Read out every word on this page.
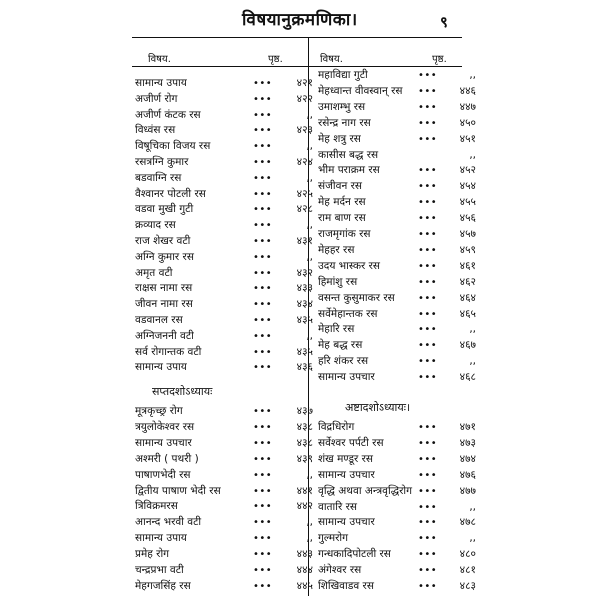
विषयानुक्रमणिका।	९
विषय.	पृष्ठ.	विषय.	पृष्ठ.
सामान्य उपाय	•••	४२१
अजीर्ण रोग	•••	४२२
अजीर्ण कंटक रस	•••	,,
विध्वंस रस	•••	४२३
विषूचिका विजय रस	•••	,,
रसत्रग्नि कुमार	•••	४२४
बडवाग्नि रस	•••	,,
वैश्वानर पोटली रस	•••	४२५
वडवा मुखी गुटी	•••	४२८
क्रव्याद रस	•••	,,
राज शेखर वटी	•••	४३१
अग्नि कुमार रस	•••	,,
अमृत वटी	•••	४३२
राक्षस नामा रस	•••	४३३
जीवन नामा रस	•••	४३४
वडवानल रस	•••	४३५
अग्निजननी वटी	•••	,,
सर्व रोगान्तक वटी	•••	४३५
सामान्य उपाय	•••	४३६
मूत्रकृच्छ्र रोग	•••	४३७
त्रयुलोकेश्वर रस	•••	४३८
सामान्य उपचार	•••	४३८
अश्मरी ( पथरी )	•••	४३९
पाषाणभेदी रस	•••	,,
द्वितीय पाषाण भेदी रस	•••	४४१
त्रिविक्रमरस	•••	४४२
आनन्द भरवी वटी	•••	,,
सामान्य उपाय	•••	,,
प्रमेह रोग	•••	४४३
चन्द्रप्रभा वटी	•••	४४४
मेहगजसिंह रस	•••	४४५
महाविद्या गुटी	•••	,,
मेहध्वान्त वीवस्वान् रस •••	४४६
उमाशम्भु रस	•••	४४७
रसेन्द्र नाग रस	•••	४५०
मेह शत्रु रस	•••	४५१
कासीस बद्ध रस	,,
भीम पराक्रम रस	•••	४५२
संजीवन रस	•••	४५४
मेह मर्दन रस	•••	४५५
राम बाण रस	•••	४५६
राजमृगांक रस	•••	४५७
मेहहर रस	•••	४५९
उदय भास्कर रस	•••	४६१
हिमांशु रस	•••	४६२
वसन्त कुसुमाकर रस •••	४६४
सर्वेमेहान्तक रस	•••	४६५
मेहारि रस	•••	,,
मेह बद्ध रस	•••	४६७
हरि शंकर रस	•••	,,
सामान्य उपचार	•••	४६८
विद्रधिरोग	•••	४७१
सर्वेश्वर पर्पटी रस	•••	४७३
शंख मण्डूर रस	•••	४७४
सामान्य उपचार	•••	४७६
वृद्धि अथवा अन्त्रवृद्धिरोग •••	४७७
वातारि रस	•••	,,
सामान्य उपचार	•••	४७८
गुल्मरोग	•••	,,
गन्धकादिपोटली रस	•••	४८०
अंगेश्वर रस	•••	४८१
शिखिवाडव रस	•••	४८३
सप्तदशोऽध्यायः
अष्टादशोऽध्यायः।
